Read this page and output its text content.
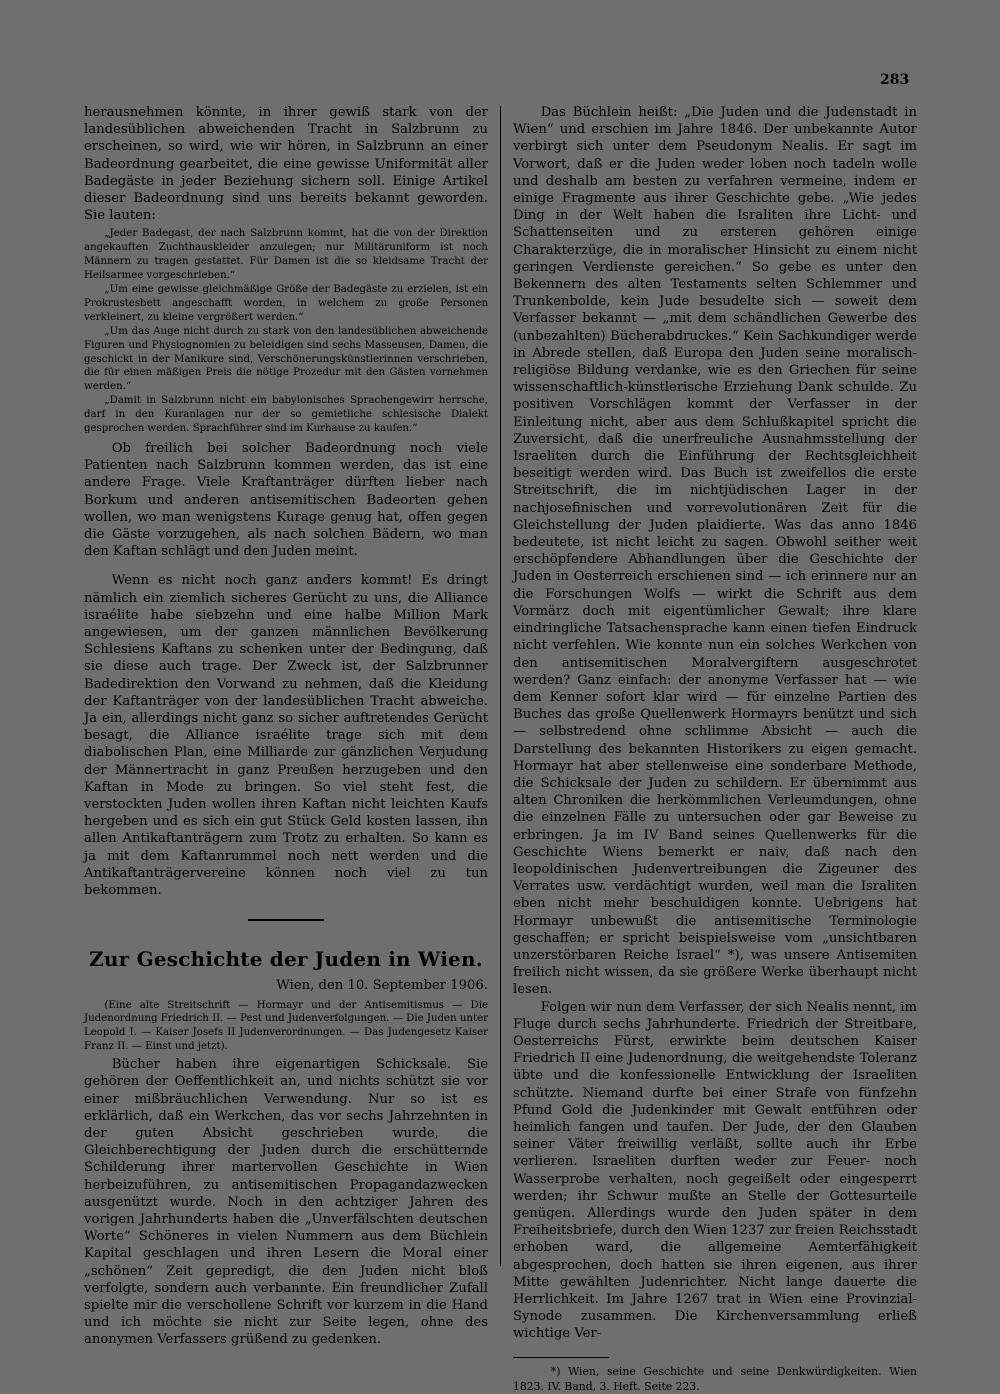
283

herausnehmen könnte, in ihrer gewiß stark von der landesüblichen abweichenden Tracht in Salzbrunn zu erscheinen, so wird, wie wir hören, in Salzbrunn an einer Badeordnung gearbeitet, die eine gewisse Uniformität aller Badegäste in jeder Beziehung sichern soll. Einige Artikel dieser Badeordnung sind uns bereits bekannt geworden. Sie lauten:

„Jeder Badegast, der nach Salzbrunn kommt, hat die von der Direktion angekauften Zuchthauskleider anzulegen; nur Militäruniform ist noch Männern zu tragen gestattet. Für Damen ist die so kleidsame Tracht der Heilsarmee vorgeschrieben.“

„Um eine gewisse gleichmäßige Größe der Badegäste zu erzielen, ist ein Prokrustesbett angeschafft worden, in welchem zu große Personen verkleinert, zu kleine vergrößert werden.“

„Um das Auge nicht durch zu stark von den landesüblichen abweichende Figuren und Physiognomien zu beleidigen sind sechs Masseusen, Damen, die geschickt in der Manikure sind, Verschönerungskünstlerinnen verschrieben, die für einen mäßigen Preis die nötige Prozedur mit den Gästen vornehmen werden.“

„Damit in Salzbrunn nicht ein babylonisches Sprachengewirr herrsche, darf in den Kuranlagen nur der so gemietliche schlesische Dialekt gesprochen werden. Sprachführer sind im Kurhause zu kaufen.“

Ob freilich bei solcher Badeordnung noch viele Patienten nach Salzbrunn kommen werden, das ist eine andere Frage. Viele Kraftanträger dürften lieber nach Borkum und anderen antisemitischen Badeorten gehen wollen, wo man wenigstens Kurage genug hat, offen gegen die Gäste vorzugehen, als nach solchen Bädern, wo man den Kaftan schlägt und den Juden meint.

Wenn es nicht noch ganz anders kommt! Es dringt nämlich ein ziemlich sicheres Gerücht zu uns, die Alliance israélite habe siebzehn und eine halbe Million Mark angewiesen, um der ganzen männlichen Bevölkerung Schlesiens Kaftans zu schenken unter der Bedingung, daß sie diese auch trage. Der Zweck ist, der Salzbrunner Badedirektion den Vorwand zu nehmen, daß die Kleidung der Kaftanträger von der landesüblichen Tracht abweiche. Ja ein, allerdings nicht ganz so sicher auftretendes Gerücht besagt, die Alliance israélite trage sich mit dem diabolischen Plan, eine Milliarde zur gänzlichen Verjudung der Männertracht in ganz Preußen herzugeben und den Kaftan in Mode zu bringen. So viel steht fest, die verstockten Juden wollen ihren Kaftan nicht leichten Kaufs hergeben und es sich ein gut Stück Geld kosten lassen, ihn allen Antikaftanträgern zum Trotz zu erhalten. So kann es ja mit dem Kaftanrummel noch nett werden und die Antikaftanträgervereine können noch viel zu tun bekommen.

Zur Geschichte der Juden in Wien.
Wien, den 10. September 1906.

(Eine alte Streitschrift — Hormayr und der Antisemitismus — Die Judenordnung Friedrich II. — Pest und Judenverfolgungen. — Die Juden unter Leopold I. — Kaiser Josefs II Judenverordnungen. — Das Judengesetz Kaiser Franz II. — Einst und jetzt).

Bücher haben ihre eigenartigen Schicksale. Sie gehören der Oeffentlichkeit an, und nichts schützt sie vor einer mißbräuchlichen Verwendung. Nur so ist es erklärlich, daß ein Werkchen, das vor sechs Jahrzehnten in der guten Absicht geschrieben wurde, die Gleichberechtigung der Juden durch die erschütternde Schilderung ihrer martervollen Geschichte in Wien herbeizuführen, zu antisemitischen Propagandazwecken ausgenützt wurde. Noch in den achtziger Jahren des vorigen Jahrhunderts haben die „Unverfälschten deutschen Worte“ Schöneres in vielen Nummern aus dem Büchlein Kapital geschlagen und ihren Lesern die Moral einer „schönen“ Zeit gepredigt, die den Juden nicht bloß verfolgte, sondern auch verbannte. Ein freundlicher Zufall spielte mir die verschollene Schrift vor kurzem in die Hand und ich möchte sie nicht zur Seite legen, ohne des anonymen Verfassers grüßend zu gedenken.

Das Büchlein heißt: „Die Juden und die Judenstadt in Wien“ und erschien im Jahre 1846. Der unbekannte Autor verbirgt sich unter dem Pseudonym Nealis. Er sagt im Vorwort, daß er die Juden weder loben noch tadeln wolle und deshalb am besten zu verfahren vermeine, indem er einige Fragmente aus ihrer Geschichte gebe. „Wie jedes Ding in der Welt haben die Israliten ihre Licht- und Schattenseiten und zu ersteren gehören einige Charakterzüge, die in moralischer Hinsicht zu einem nicht geringen Verdienste gereichen.“ So gebe es unter den Bekennern des alten Testaments selten Schlemmer und Trunkenbolde, kein Jude besudelte sich — soweit dem Verfasser bekannt — „mit dem schändlichen Gewerbe des (unbezahlten) Bücherabdruckes.“ Kein Sachkundiger werde in Abrede stellen, daß Europa den Juden seine moralisch-religiöse Bildung verdanke, wie es den Griechen für seine wissenschaftlich-künstlerische Erziehung Dank schulde. Zu positiven Vorschlägen kommt der Verfasser in der Einleitung nicht, aber aus dem Schlußkapitel spricht die Zuversicht, daß die unerfreuliche Ausnahmsstellung der Israeliten durch die Einführung der Rechtsgleichheit beseitigt werden wird. Das Buch ist zweifellos die erste Streitschrift, die im nichtjüdischen Lager in der nachjosefinischen und vorrevolutionären Zeit für die Gleichstellung der Juden plaidierte. Was das anno 1846 bedeutete, ist nicht leicht zu sagen. Obwohl seither weit erschöpfendere Abhandlungen über die Geschichte der Juden in Oesterreich erschienen sind — ich erinnere nur an die Forschungen Wolfs — wirkt die Schrift aus dem Vormärz doch mit eigentümlicher Gewalt; ihre klare eindringliche Tatsachensprache kann einen tiefen Eindruck nicht verfehlen. Wie konnte nun ein solches Werkchen von den antisemitischen Moralvergiftern ausgeschrotet werden? Ganz einfach: der anonyme Verfasser hat — wie dem Kenner sofort klar wird — für einzelne Partien des Buches das große Quellenwerk Hormayrs benützt und sich — selbstredend ohne schlimme Absicht — auch die Darstellung des bekannten Historikers zu eigen gemacht. Hormayr hat aber stellenweise eine sonderbare Methode, die Schicksale der Juden zu schildern. Er übernimmt aus alten Chroniken die herkömmlichen Verleumdungen, ohne die einzelnen Fälle zu untersuchen oder gar Beweise zu erbringen. Ja im IV Band seines Quellenwerks für die Geschichte Wiens bemerkt er naiv, daß nach den leopoldinischen Judenvertreibungen die Zigeuner des Verrates usw. verdächtigt wurden, weil man die Israliten eben nicht mehr beschuldigen konnte. Uebrigens hat Hormayr unbewußt die antisemitische Terminologie geschaffen; er spricht beispielsweise vom „unsichtbaren unzerstörbaren Reiche Israel“ *), was unsere Antisemiten freilich nicht wissen, da sie größere Werke überhaupt nicht lesen.

Folgen wir nun dem Verfasser, der sich Nealis nennt, im Fluge durch sechs Jahrhunderte. Friedrich der Streitbare, Oesterreichs Fürst, erwirkte beim deutschen Kaiser Friedrich II eine Judenordnung, die weitgehendste Toleranz übte und die konfessionelle Entwicklung der Israeliten schützte. Niemand durfte bei einer Strafe von fünfzehn Pfund Gold die Judenkinder mit Gewalt entführen oder heimlich fangen und taufen. Der Jude, der den Glauben seiner Väter freiwillig verläßt, sollte auch ihr Erbe verlieren. Israeliten durften weder zur Feuer- noch Wasserprobe verhalten, noch gegeißelt oder eingesperrt werden; ihr Schwur mußte an Stelle der Gottesurteile genügen. Allerdings wurde den Juden später in dem Freiheitsbriefe, durch den Wien 1237 zur freien Reichsstadt erhoben ward, die allgemeine Aemterfähigkeit abgesprochen, doch hatten sie ihren eigenen, aus ihrer Mitte gewählten Judenrichter. Nicht lange dauerte die Herrlichkeit. Im Jahre 1267 trat in Wien eine Provinzial-Synode zusammen. Die Kirchenversammlung erließ wichtige Ver-

*) Wien, seine Geschichte und seine Denkwürdigkeiten. Wien 1823. IV. Band, 3. Heft. Seite 223.
